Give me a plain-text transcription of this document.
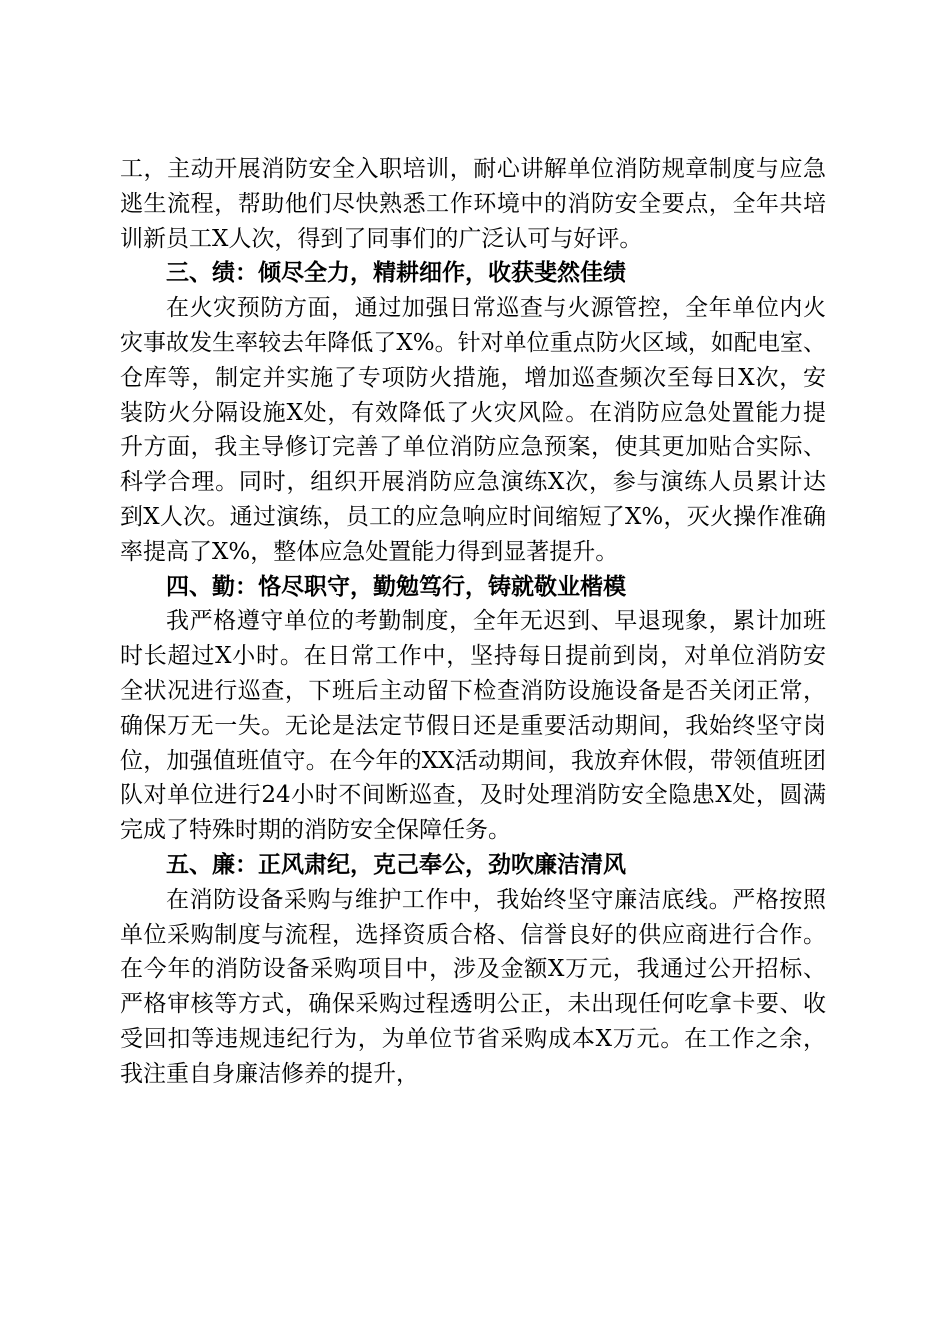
工，主动开展消防安全入职培训，耐心讲解单位消防规章制度与应急逃生流程，帮助他们尽快熟悉工作环境中的消防安全要点，全年共培训新员工X人次，得到了同事们的广泛认可与好评。

三、绩：倾尽全力，精耕细作，收获斐然佳绩

在火灾预防方面，通过加强日常巡查与火源管控，全年单位内火灾事故发生率较去年降低了X%。针对单位重点防火区域，如配电室、仓库等，制定并实施了专项防火措施，增加巡查频次至每日X次，安装防火分隔设施X处，有效降低了火灾风险。在消防应急处置能力提升方面，我主导修订完善了单位消防应急预案，使其更加贴合实际、科学合理。同时，组织开展消防应急演练X次，参与演练人员累计达到X人次。通过演练，员工的应急响应时间缩短了X%，灭火操作准确率提高了X%，整体应急处置能力得到显著提升。

四、勤：恪尽职守，勤勉笃行，铸就敬业楷模

我严格遵守单位的考勤制度，全年无迟到、早退现象，累计加班时长超过X小时。在日常工作中，坚持每日提前到岗，对单位消防安全状况进行巡查，下班后主动留下检查消防设施设备是否关闭正常，确保万无一失。无论是法定节假日还是重要活动期间，我始终坚守岗位，加强值班值守。在今年的XX活动期间，我放弃休假，带领值班团队对单位进行24小时不间断巡查，及时处理消防安全隐患X处，圆满完成了特殊时期的消防安全保障任务。

五、廉：正风肃纪，克己奉公，劲吹廉洁清风

在消防设备采购与维护工作中，我始终坚守廉洁底线。严格按照单位采购制度与流程，选择资质合格、信誉良好的供应商进行合作。在今年的消防设备采购项目中，涉及金额X万元，我通过公开招标、严格审核等方式，确保采购过程透明公正，未出现任何吃拿卡要、收受回扣等违规违纪行为，为单位节省采购成本X万元。在工作之余，我注重自身廉洁修养的提升，
